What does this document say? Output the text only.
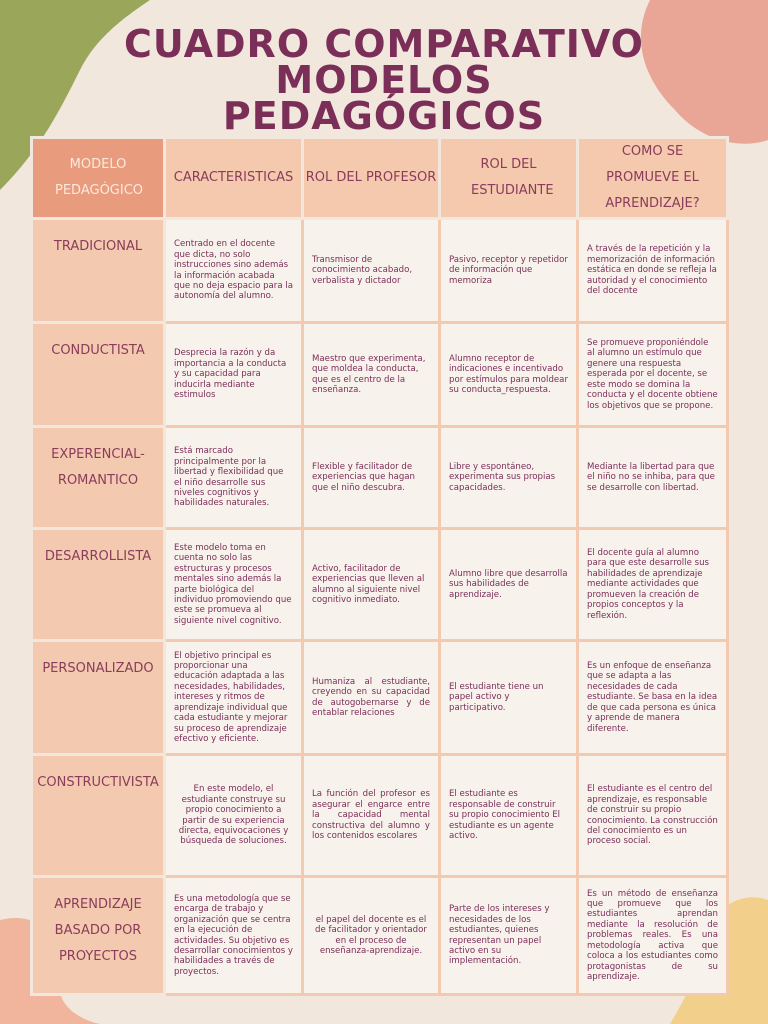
CUADRO COMPARATIVO
MODELOS
PEDAGÓGICOS
MODELO PEDAGÓGICO	CARACTERISTICAS	ROL DEL PROFESOR	ROL DEL ESTUDIANTE	COMO SE PROMUEVE EL APRENDIZAJE?
TRADICIONAL	Centrado en el docente que dicta, no solo instrucciones sino además la información acabada que no deja espacio para la autonomía del alumno.	Transmisor de conocimiento acabado, verbalista y dictador	Pasivo, receptor y repetidor de información que memoriza	A través de la repetición y la memorización de información estática en donde se refleja la autoridad y el conocimiento del docente
CONDUCTISTA	Desprecia la razón y da importancia a la conducta y su capacidad para inducirla mediante estimulos	Maestro que experimenta, que moldea la conducta, que es el centro de la enseñanza.	Alumno receptor de indicaciones e incentivado por estímulos para moldear su conducta_respuesta.	Se promueve proponiéndole al alumno un estímulo que genere una respuesta esperada por el docente, se este modo se domina la conducta y el docente obtiene los objetivos que se propone.
EXPERENCIAL-ROMANTICO	Está marcado principalmente por la libertad y flexibilidad que el niño desarrolle sus niveles cognitivos y habilidades naturales.	Flexible y facilitador de experiencias que hagan que el niño descubra.	Libre y espontáneo, experimenta sus propias capacidades.	Mediante la libertad para que el niño no se inhiba, para que se desarrolle con libertad.
DESARROLLISTA	Este modelo toma en cuenta no solo las estructuras y procesos mentales sino además la parte biológica del individuo promoviendo que este se promueva al siguiente nivel cognitivo.	Activo, facilitador de experiencias que lleven al alumno al siguiente nivel cognitivo inmediato.	Alumno libre que desarrolla sus habilidades de aprendizaje.	El docente guía al alumno para que este desarrolle sus habilidades de aprendizaje mediante actividades que promueven la creación de propios conceptos y la reflexión.
PERSONALIZADO	El objetivo principal es proporcionar una educación adaptada a las necesidades, habilidades, intereses y ritmos de aprendizaje individual que cada estudiante y mejorar su proceso de aprendizaje efectivo y eficiente.	Humaniza al estudiante, creyendo en su capacidad de autogobernarse y de entablar relaciones	El estudiante tiene un papel activo y participativo.	Es un enfoque de enseñanza que se adapta a las necesidades de cada estudiante. Se basa en la idea de que cada persona es única y aprende de manera diferente.
CONSTRUCTIVISTA	En este modelo, el estudiante construye su propio conocimiento a partir de su experiencia directa, equivocaciones y búsqueda de soluciones.	La función del profesor es asegurar el engarce entre la capacidad mental constructiva del alumno y los contenidos escolares	El estudiante es responsable de construir su propio conocimiento El estudiante es un agente activo.	El estudiante es el centro del aprendizaje, es responsable de construir su propio conocimiento. La construcción del conocimiento es un proceso social.
APRENDIZAJE BASADO POR PROYECTOS	Es una metodología que se encarga de trabajo y organización que se centra en la ejecución de actividades. Su objetivo es desarrollar conocimientos y habilidades a través de proyectos.	el papel del docente es el de facilitador y orientador en el proceso de enseñanza-aprendizaje.	Parte de los intereses y necesidades de los estudiantes, quienes representan un papel activo en su implementación.	Es un método de enseñanza que promueve que los estudiantes aprendan mediante la resolución de problemas reales. Es una metodología activa que coloca a los estudiantes como protagonistas de su aprendizaje.
